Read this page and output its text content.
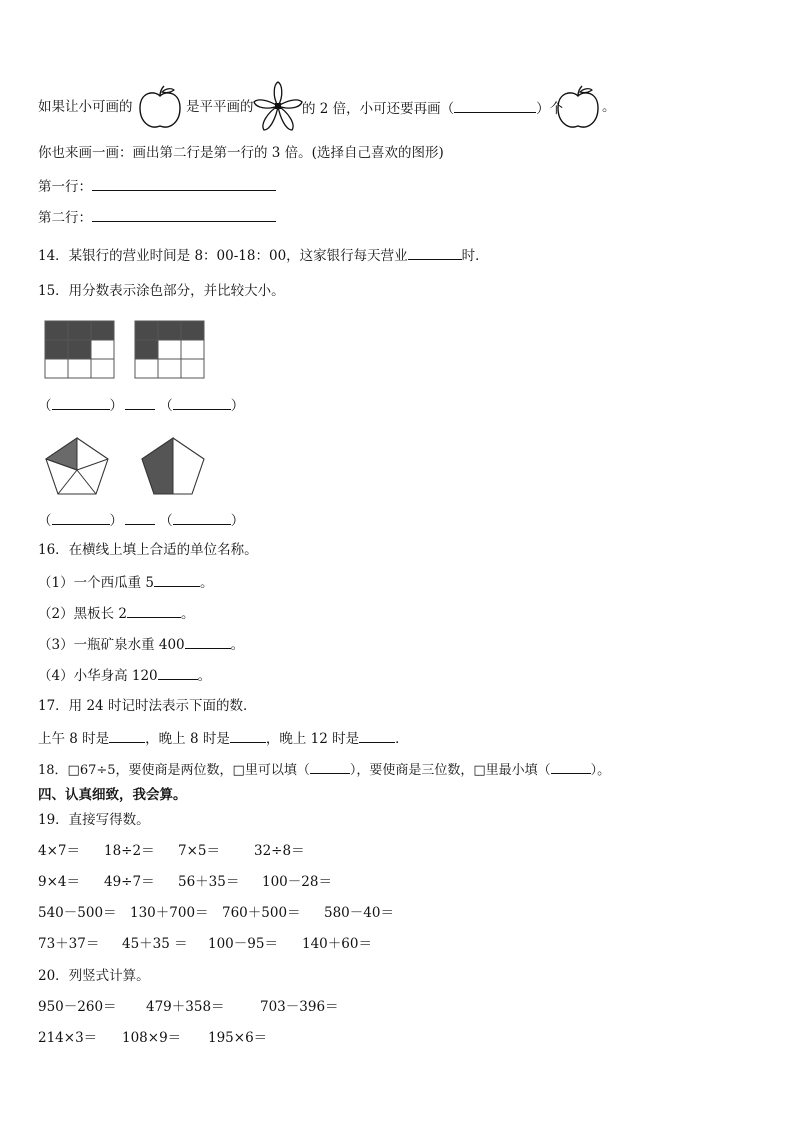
如果让小可画的	是平平画的	的 2 倍，小可还要再画（	）个	。
你也来画一画：画出第二行是第一行的 3 倍。(选择自己喜欢的图形)
第一行：
第二行：
14．某银行的营业时间是 8：00-18：00，这家银行每天营业	时．
15．用分数表示涂色部分，并比较大小。
（	）	（	）
（	）	（	）
16．在横线上填上合适的单位名称。
（1）一个西瓜重 5	。
（2）黑板长 2	。
（3）一瓶矿泉水重 400	。
（4）小华身高 120	。
17．用 24 时记时法表示下面的数．
上午 8 时是	，晚上 8 时是	，晚上 12 时是	．
18．□67÷5，要使商是两位数，□里可以填（	），要使商是三位数，□里最小填（	）。
四、认真细致，我会算。
19．直接写得数。
4×7＝ 18÷2＝ 7×5＝	32÷8＝
9×4＝ 49÷7＝ 56＋35＝ 100－28＝
540－500＝ 130＋700＝ 760＋500＝ 580－40＝
73＋37＝ 45＋35 ＝ 100－95＝ 140＋60＝
20．列竖式计算。
950－260＝ 479＋358＝	703－396＝
214×3＝ 108×9＝ 195×6＝
